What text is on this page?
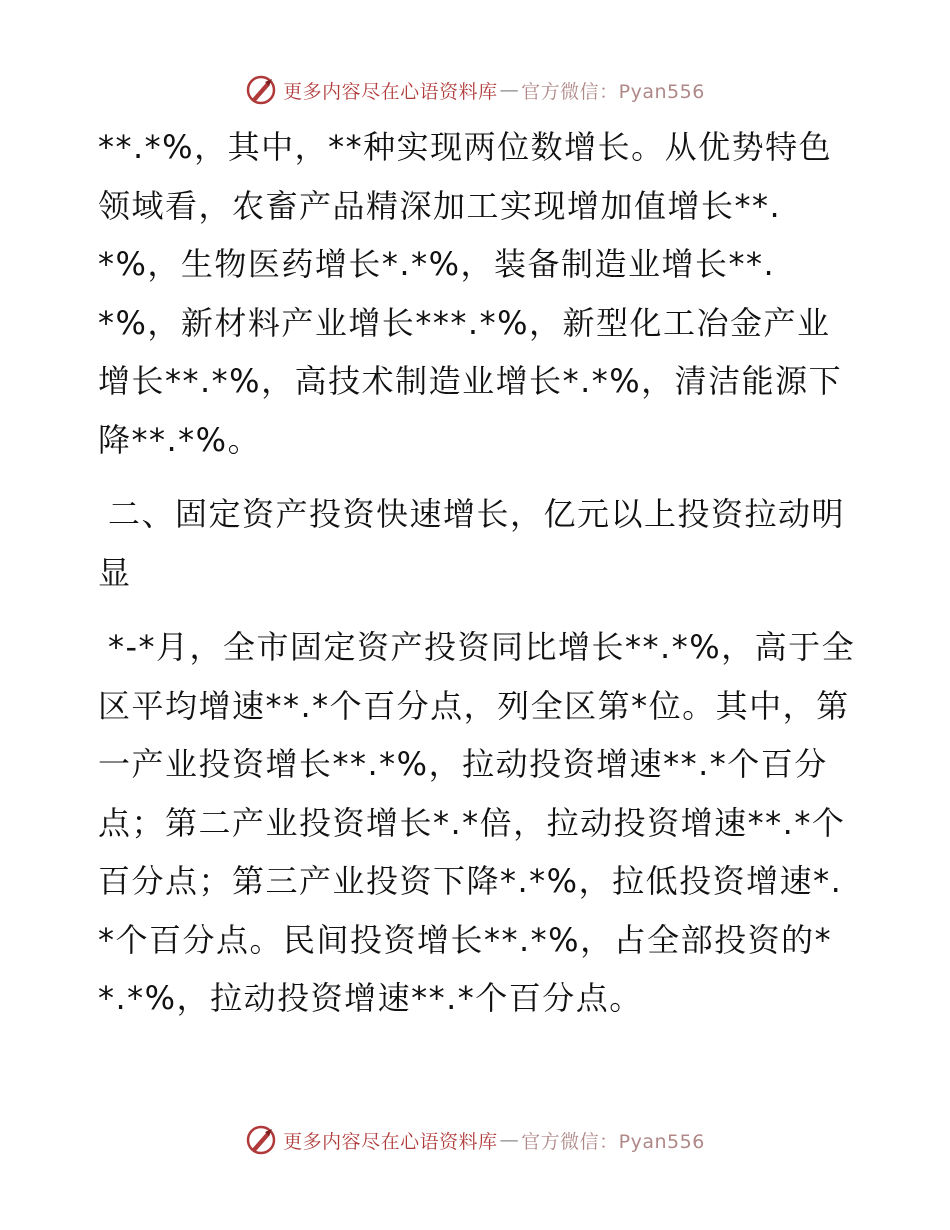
更多内容尽在心语资料库 — 官方微信：Pyan556

**.*%，其中，**种实现两位数增长。从优势特色领域看，农畜产品精深加工实现增加值增长**.*%，生物医药增长*.*%，装备制造业增长**.*%，新材料产业增长***.*%，新型化工冶金产业增长**.*%，高技术制造业增长*.*%，清洁能源下降**.*%。

二、固定资产投资快速增长，亿元以上投资拉动明显

*-*月，全市固定资产投资同比增长**.*%，高于全区平均增速**.*个百分点，列全区第*位。其中，第一产业投资增长**.*%，拉动投资增速**.*个百分点；第二产业投资增长*.*倍，拉动投资增速**.*个百分点；第三产业投资下降*.*%，拉低投资增速*.*个百分点。民间投资增长**.*%，占全部投资的**.*%，拉动投资增速**.*个百分点。

更多内容尽在心语资料库 — 官方微信：Pyan556
